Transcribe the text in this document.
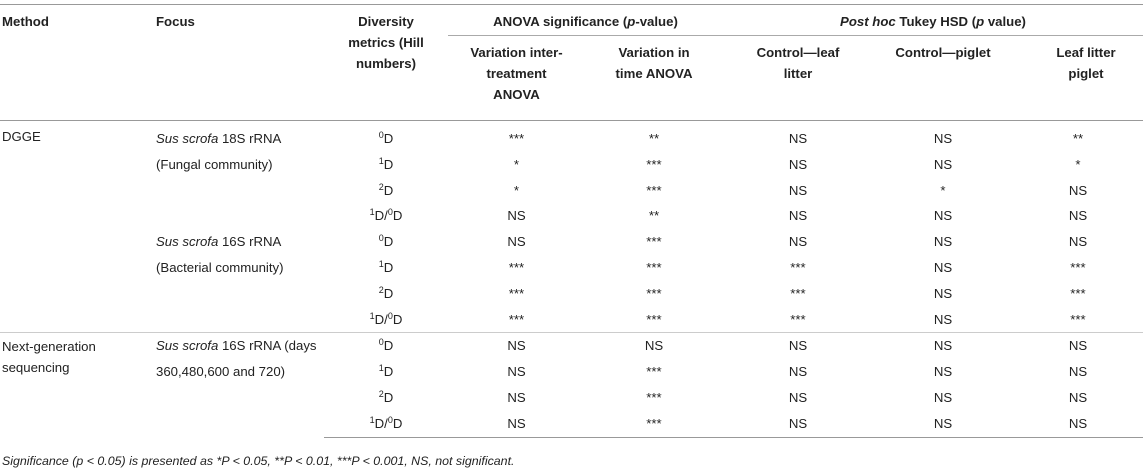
Method	Focus	Diversity metrics (Hill numbers)	ANOVA significance (p-value)		Post hoc Tukey HSD (p value)		
			Variation inter-treatment ANOVA	Variation in time ANOVA	Control—leaf litter	Control—piglet	Leaf litter piglet

DGGE	Sus scrofa 18S rRNA (Fungal community)	$^0$D	***	**	NS	NS	**
		$^1$D	*	***	NS	NS	*
		$^2$D	*	***	NS	*	NS
		$^1$D/$^0$D	NS	**	NS	NS	NS
	Sus scrofa 16S rRNA (Bacterial community)	$^0$D	NS	***	NS	NS	NS
		$^1$D	***	***	***	NS	***
		$^2$D	***	***	***	NS	***
		$^1$D/$^0$D	***	***	***	NS	***
Next-generation sequencing	Sus scrofa 16S rRNA (days 360,480,600 and 720)	$^0$D	NS	NS	NS	NS	NS
		$^1$D	NS	***	NS	NS	NS
		$^2$D	NS	***	NS	NS	NS
		$^1$D/$^0$D	NS	***	NS	NS	NS
Significance (p < 0.05) is presented as *P < 0.05, **P < 0.01, ***P < 0.001, NS, not significant.
